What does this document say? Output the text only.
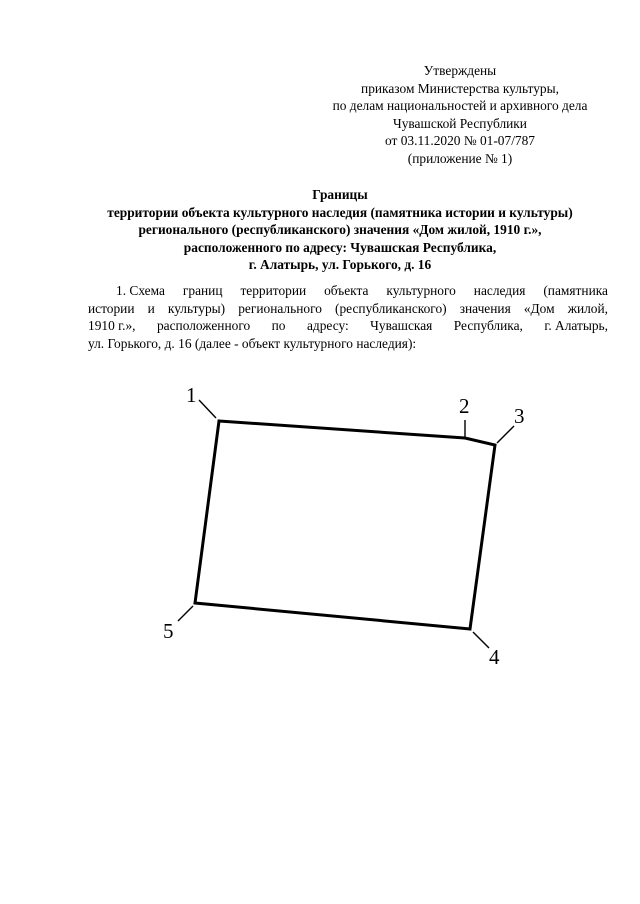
Утверждены
приказом Министерства культуры,
по делам национальностей и архивного дела
Чувашской Республики
от 03.11.2020 № 01-07/787
(приложение № 1)
Границы
территории объекта культурного наследия (памятника истории и культуры)
регионального (республиканского) значения «Дом жилой, 1910 г.»,
расположенного по адресу: Чувашская Республика,
г. Алатырь, ул. Горького, д. 16
1. Схема границ территории объекта культурного наследия (памятника
истории и культуры) регионального (республиканского) значения «Дом жилой,
1910 г.», расположенного по адресу: Чувашская Республика, г. Алатырь,
ул. Горького, д. 16 (далее - объект культурного наследия):
1	2 3
4
5
